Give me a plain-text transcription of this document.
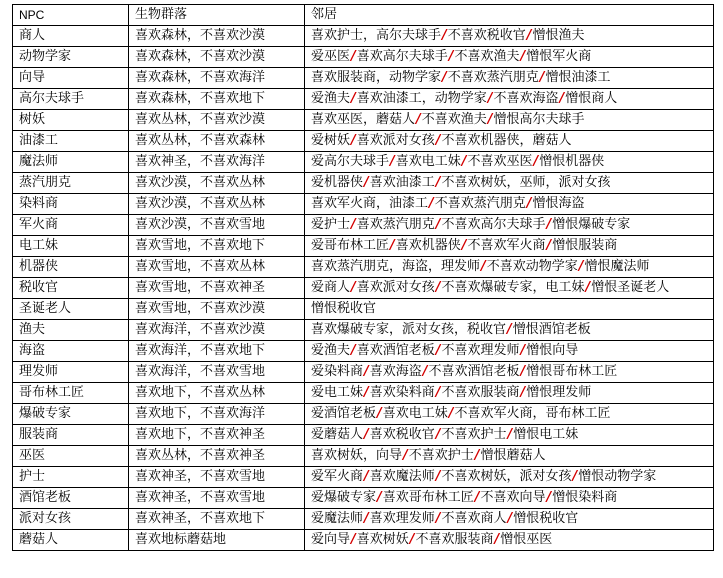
NPC	生物群落	邻居
商人	喜欢森林，不喜欢沙漠	喜欢护士，高尔夫球手/不喜欢税收官/憎恨渔夫
动物学家	喜欢森林，不喜欢沙漠	爱巫医/喜欢高尔夫球手/不喜欢渔夫/憎恨军火商
向导	喜欢森林，不喜欢海洋	喜欢服装商，动物学家/不喜欢蒸汽朋克/憎恨油漆工
高尔夫球手	喜欢森林，不喜欢地下	爱渔夫/喜欢油漆工，动物学家/不喜欢海盗/憎恨商人
树妖	喜欢丛林，不喜欢沙漠	喜欢巫医，蘑菇人/不喜欢渔夫/憎恨高尔夫球手
油漆工	喜欢丛林，不喜欢森林	爱树妖/喜欢派对女孩/不喜欢机器侠，蘑菇人
魔法师	喜欢神圣，不喜欢海洋	爱高尔夫球手/喜欢电工妹/不喜欢巫医/憎恨机器侠
蒸汽朋克	喜欢沙漠，不喜欢丛林	爱机器侠/喜欢油漆工/不喜欢树妖，巫师，派对女孩
染料商	喜欢沙漠，不喜欢丛林	喜欢军火商，油漆工/不喜欢蒸汽朋克/憎恨海盗
军火商	喜欢沙漠，不喜欢雪地	爱护士/喜欢蒸汽朋克/不喜欢高尔夫球手/憎恨爆破专家
电工妹	喜欢雪地，不喜欢地下	爱哥布林工匠/喜欢机器侠/不喜欢军火商/憎恨服装商
机器侠	喜欢雪地，不喜欢丛林	喜欢蒸汽朋克，海盗，理发师/不喜欢动物学家/憎恨魔法师
税收官	喜欢雪地，不喜欢神圣	爱商人/喜欢派对女孩/不喜欢爆破专家，电工妹/憎恨圣诞老人
圣诞老人	喜欢雪地，不喜欢沙漠	憎恨税收官
渔夫	喜欢海洋，不喜欢沙漠	喜欢爆破专家，派对女孩，税收官/憎恨酒馆老板
海盗	喜欢海洋，不喜欢地下	爱渔夫/喜欢酒馆老板/不喜欢理发师/憎恨向导
理发师	喜欢海洋，不喜欢雪地	爱染料商/喜欢海盗/不喜欢酒馆老板/憎恨哥布林工匠
哥布林工匠	喜欢地下，不喜欢丛林	爱电工妹/喜欢染料商/不喜欢服装商/憎恨理发师
爆破专家	喜欢地下，不喜欢海洋	爱酒馆老板/喜欢电工妹/不喜欢军火商，哥布林工匠
服装商	喜欢地下，不喜欢神圣	爱蘑菇人/喜欢税收官/不喜欢护士/憎恨电工妹
巫医	喜欢丛林，不喜欢神圣	喜欢树妖，向导/不喜欢护士/憎恨蘑菇人
护士	喜欢神圣，不喜欢雪地	爱军火商/喜欢魔法师/不喜欢树妖，派对女孩/憎恨动物学家
酒馆老板	喜欢神圣，不喜欢雪地	爱爆破专家/喜欢哥布林工匠/不喜欢向导/憎恨染料商
派对女孩	喜欢神圣，不喜欢地下	爱魔法师/喜欢理发师/不喜欢商人/憎恨税收官
蘑菇人	喜欢地标蘑菇地	爱向导/喜欢树妖/不喜欢服装商/憎恨巫医
